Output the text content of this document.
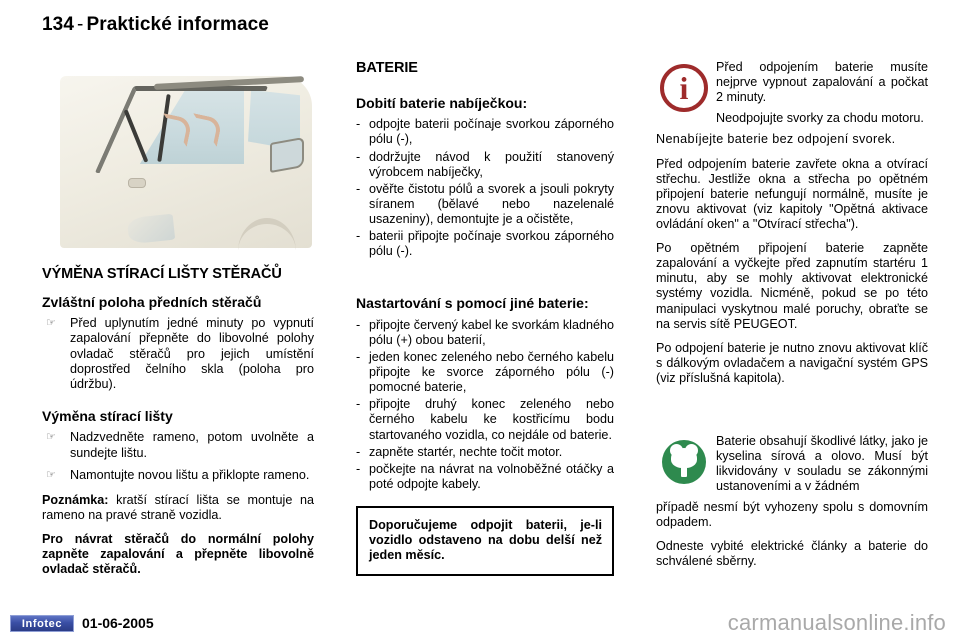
134 - Praktické informace
VÝMĚNA STÍRACÍ LIŠTY STĚRAČŮ
Zvláštní poloha předních stěračů
☞ Před uplynutím jedné minuty po vypnutí zapalování přepněte do libovolné polohy ovladač stěračů pro jejich umístění doprostřed čelního skla (poloha pro údržbu).
Výměna stírací lišty
☞ Nadzvedněte rameno, potom uvolněte a sundejte lištu.
☞ Namontujte novou lištu a přiklopte rameno.

Poznámka: kratší stírací lišta se montuje na rameno na pravé straně vozidla.

Pro návrat stěračů do normální polohy zapněte zapalování a přepněte libovolně ovladač stěračů.

BATERIE
Dobití baterie nabíječkou:
- odpojte baterii počínaje svorkou záporného pólu (-),
- dodržujte návod k použití stanovený výrobcem nabíječky,
- ověřte čistotu pólů a svorek a jsouli pokryty síranem (bělavé nebo nazelenalé usazeniny), demontujte je a očistěte,
- baterii připojte počínaje svorkou záporného pólu (-).
Nastartování s pomocí jiné baterie:
- připojte červený kabel ke svorkám kladného pólu (+) obou baterií,
- jeden konec zeleného nebo černého kabelu připojte ke svorce záporného pólu (-) pomocné baterie,
- připojte druhý konec zeleného nebo černého kabelu ke kostřicímu bodu startovaného vozidla, co nejdále od baterie.
- zapněte startér, nechte točit motor.
- počkejte na návrat na volnoběžné otáčky a poté odpojte kabely.

Doporučujeme odpojit baterii, je-li vozidlo odstaveno na dobu delší než jeden měsíc.

i

Před odpojením baterie musíte nejprve vypnout zapalování a počkat 2 minuty.

Neodpojujte svorky za chodu motoru.

Nenabíjejte baterie bez odpojení svorek.

Před odpojením baterie zavřete okna a otvírací střechu. Jestliže okna a střecha po opětném připojení baterie nefungují normálně, musíte je znovu aktivovat (viz kapitoly "Opětná aktivace ovládání oken" a "Otvírací střecha").

Po opětném připojení baterie zapněte zapalování a vyčkejte před zapnutím startéru 1 minutu, aby se mohly aktivovat elektronické systémy vozidla. Nicméně, pokud se po této manipulaci vyskytnou malé poruchy, obraťte se na servis sítě PEUGEOT.

Po odpojení baterie je nutno znovu aktivovat klíč s dálkovým ovladačem a navigační systém GPS (viz příslušná kapitola).

Baterie obsahují škodlivé látky, jako je kyselina sírová a olovo. Musí být likvidovány v souladu se zákonnými ustanoveními a v žádném

případě nesmí být vyhozeny spolu s domovním odpadem.

Odneste vybité elektrické články a baterie do schválené sběrny.

Infotec	01-06-2005	carmanualsonline.info
